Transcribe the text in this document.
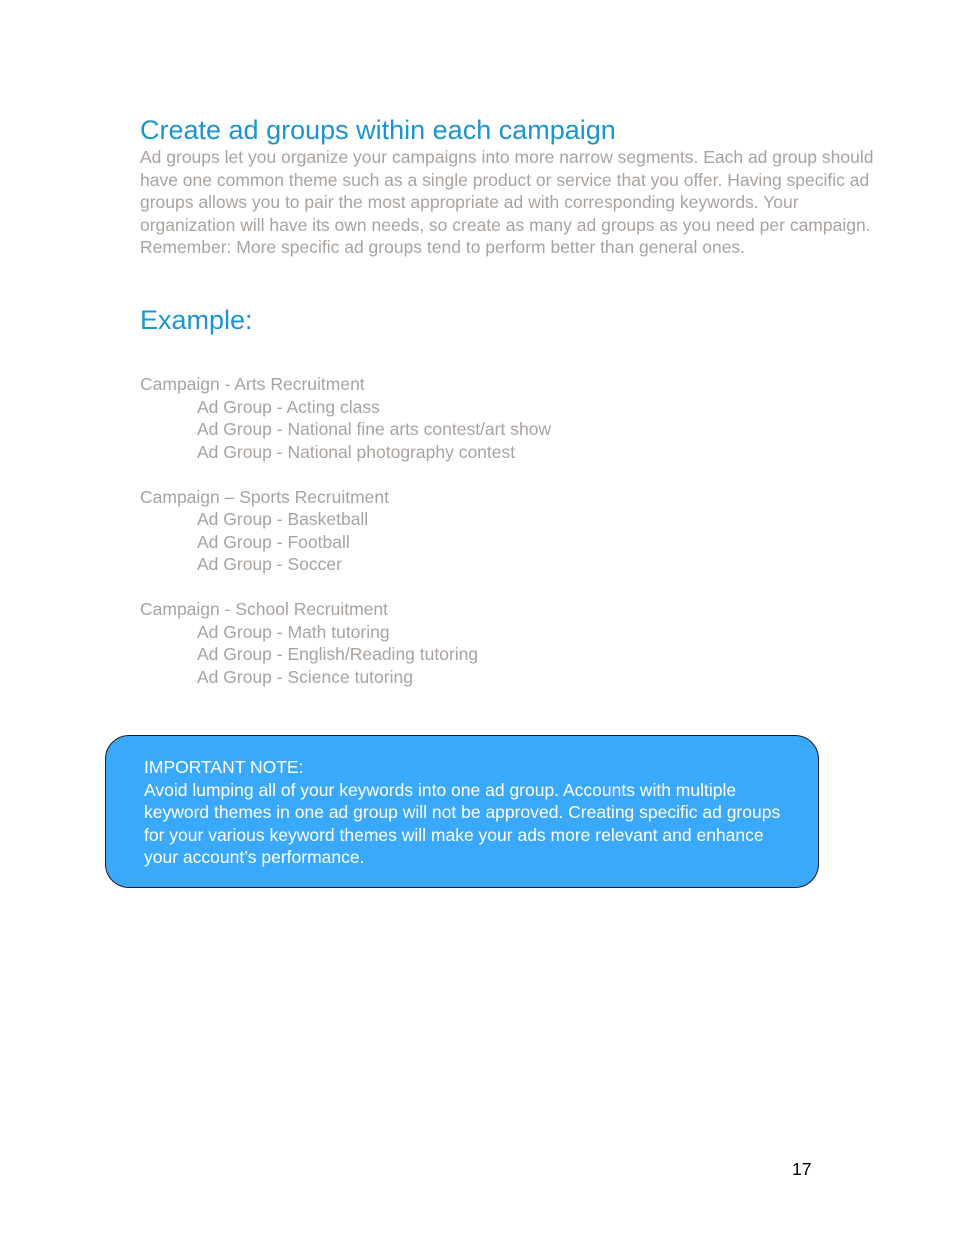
Create ad groups within each campaign

Ad groups let you organize your campaigns into more narrow segments. Each ad group should have one common theme such as a single product or service that you offer. Having specific ad groups allows you to pair the most appropriate ad with corresponding keywords. Your organization will have its own needs, so create as many ad groups as you need per campaign. Remember: More specific ad groups tend to perform better than general ones.

Example:
Campaign - Arts Recruitment
Ad Group - Acting class
Ad Group - National fine arts contest/art show
Ad Group - National photography contest
Campaign – Sports Recruitment
Ad Group - Basketball
Ad Group - Football
Ad Group - Soccer
Campaign - School Recruitment
Ad Group - Math tutoring
Ad Group - English/Reading tutoring
Ad Group - Science tutoring

IMPORTANT NOTE:

Avoid lumping all of your keywords into one ad group. Accounts with multiple keyword themes in one ad group will not be approved. Creating specific ad groups for your various keyword themes will make your ads more relevant and enhance your account’s performance.

17
